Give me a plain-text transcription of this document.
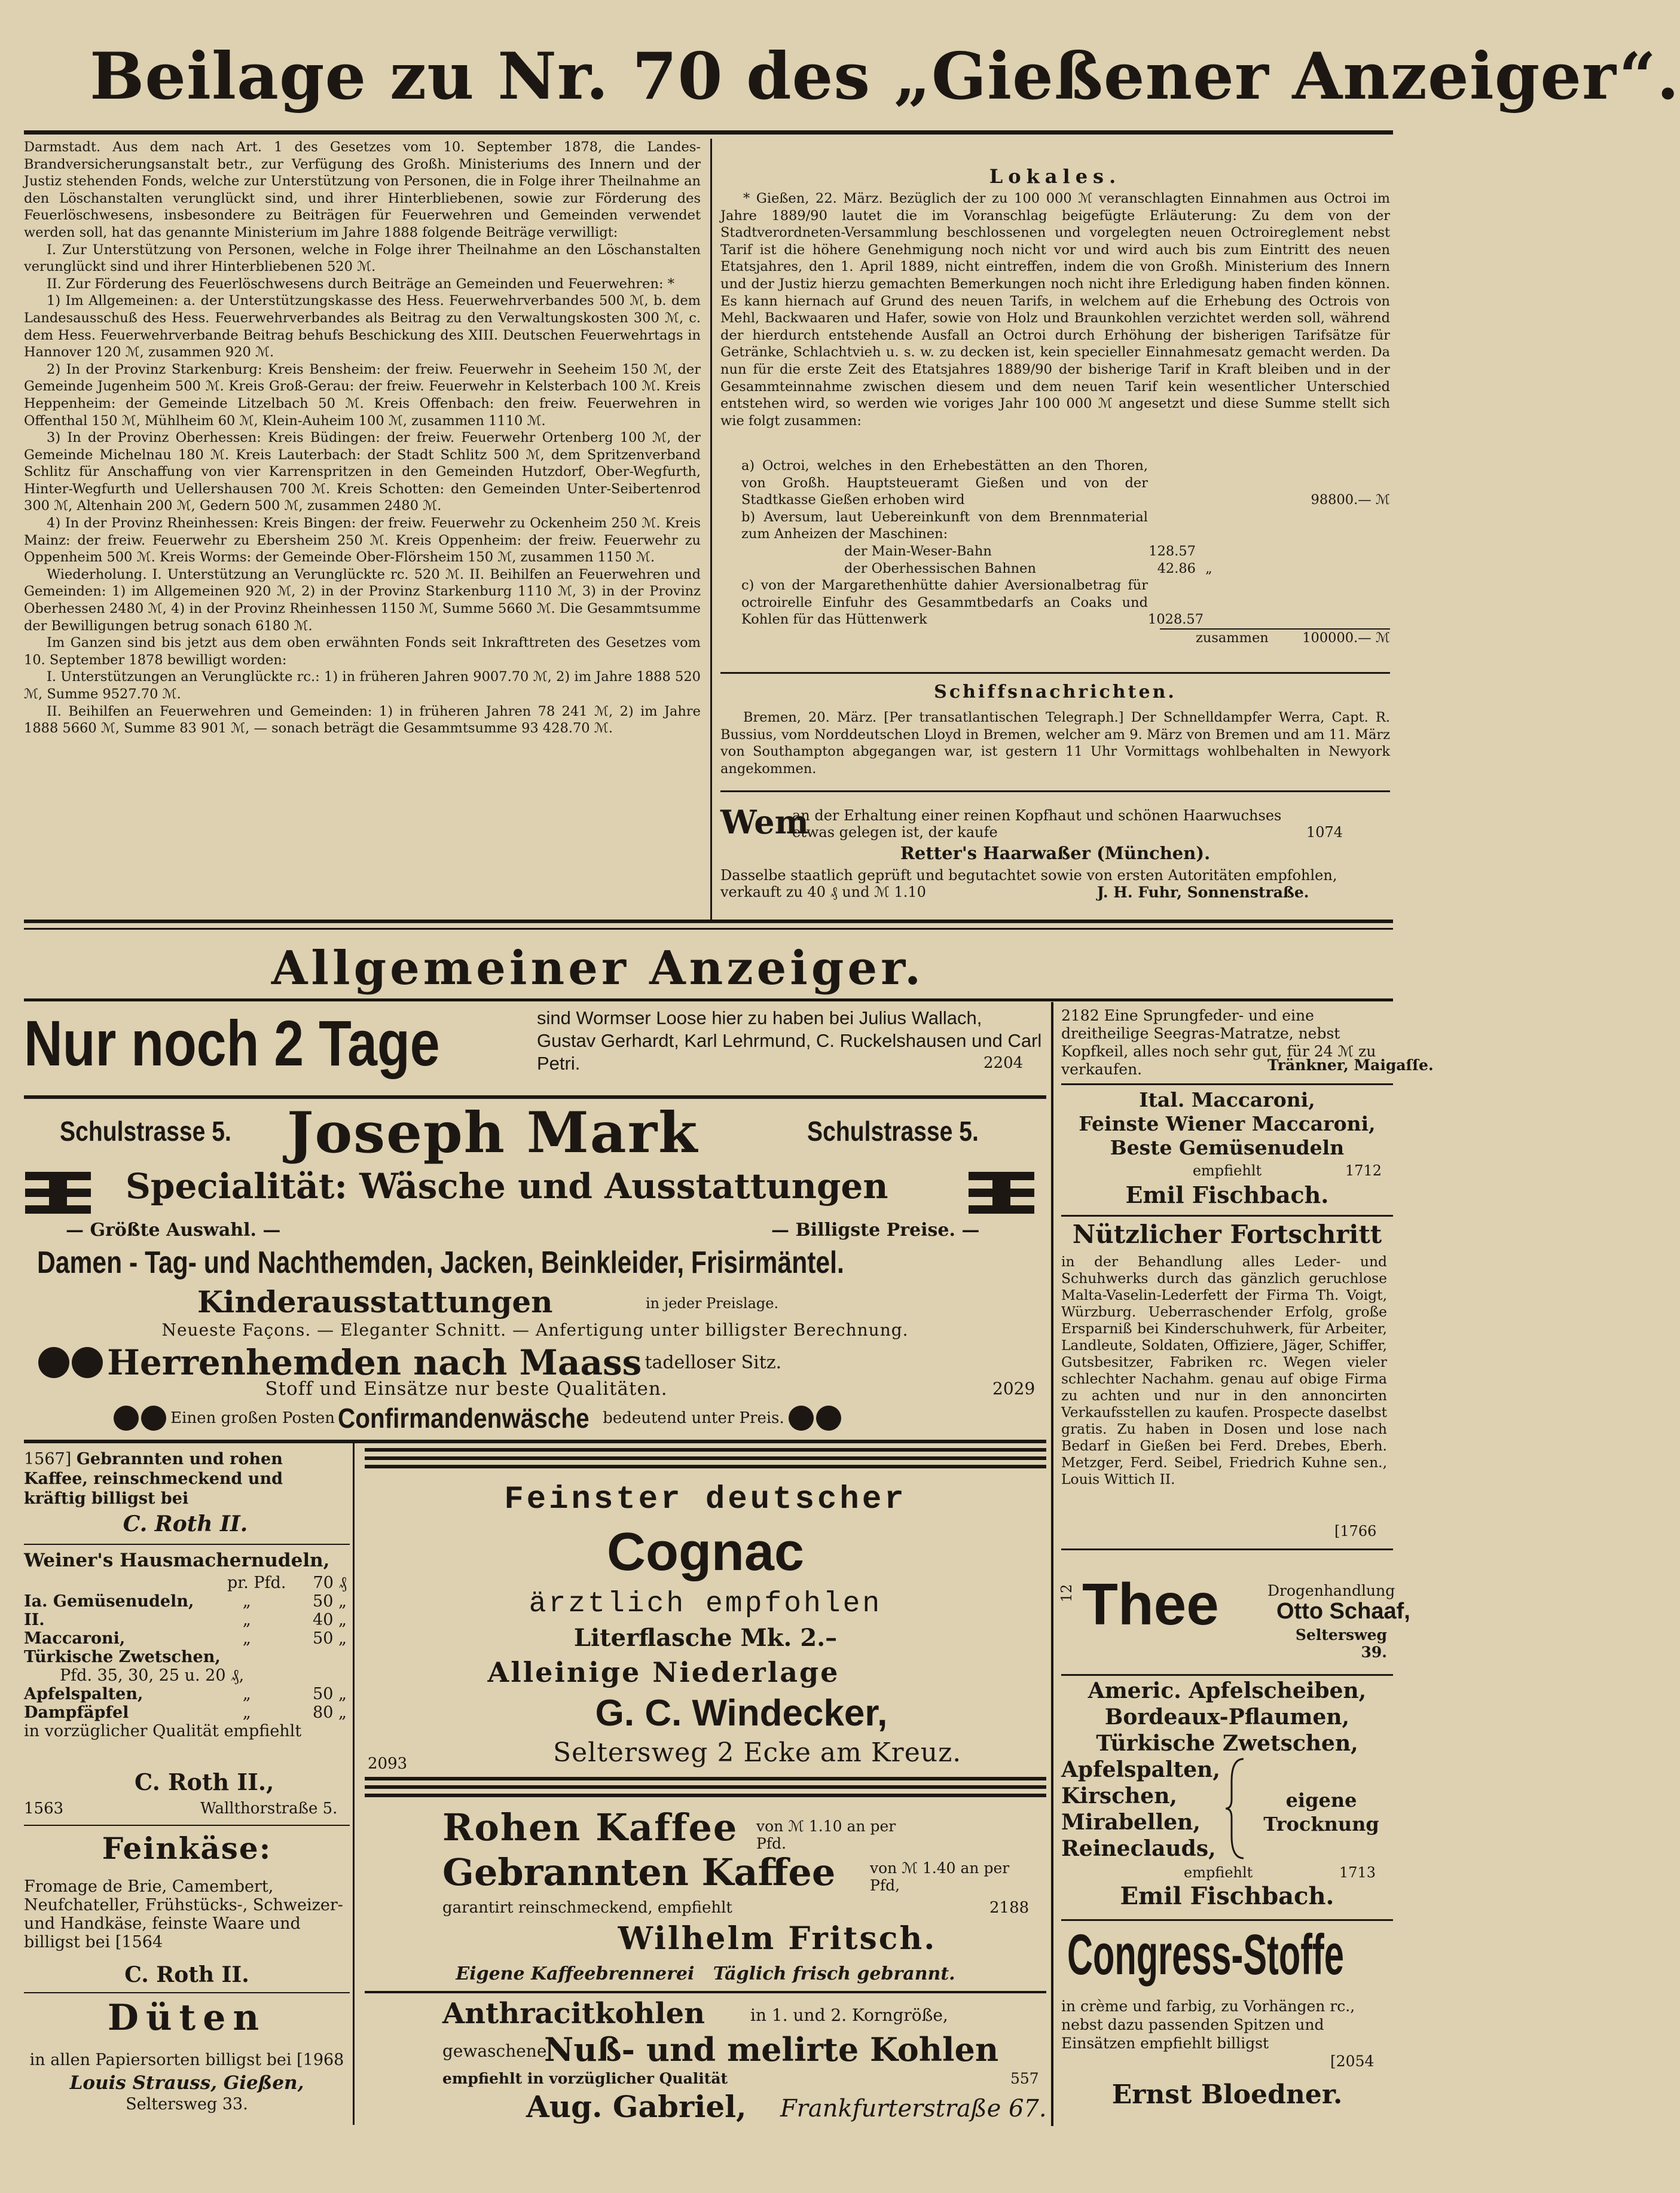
Beilage zu Nr. 70 des „Gießener Anzeiger“.

Darmstadt. Aus dem nach Art. 1 des Gesetzes vom 10. September 1878, die Landes-Brandversicherungsanstalt betr., zur Verfügung des Großh. Ministeriums des Innern und der Justiz stehenden Fonds, welche zur Unterstützung von Personen, die in Folge ihrer Theilnahme an den Löschanstalten verunglückt sind, und ihrer Hinterbliebenen, sowie zur Förderung des Feuerlöschwesens, insbesondere zu Beiträgen für Feuerwehren und Gemeinden verwendet werden soll, hat das genannte Ministerium im Jahre 1888 folgende Beiträge verwilligt:

I. Zur Unterstützung von Personen, welche in Folge ihrer Theilnahme an den Löschanstalten verunglückt sind und ihrer Hinterbliebenen 520 ℳ.

II. Zur Förderung des Feuerlöschwesens durch Beiträge an Gemeinden und Feuerwehren: *

1) Im Allgemeinen: a. der Unterstützungskasse des Hess. Feuerwehrverbandes 500 ℳ, b. dem Landesausschuß des Hess. Feuerwehrverbandes als Beitrag zu den Verwaltungskosten 300 ℳ, c. dem Hess. Feuerwehrverbande Beitrag behufs Beschickung des XIII. Deutschen Feuerwehrtags in Hannover 120 ℳ, zusammen 920 ℳ.

2) In der Provinz Starkenburg: Kreis Bensheim: der freiw. Feuerwehr in Seeheim 150 ℳ, der Gemeinde Jugenheim 500 ℳ. Kreis Groß-Gerau: der freiw. Feuerwehr in Kelsterbach 100 ℳ. Kreis Heppenheim: der Gemeinde Litzelbach 50 ℳ. Kreis Offenbach: den freiw. Feuerwehren in Offenthal 150 ℳ, Mühlheim 60 ℳ, Klein-Auheim 100 ℳ, zusammen 1110 ℳ.

3) In der Provinz Oberhessen: Kreis Büdingen: der freiw. Feuerwehr Ortenberg 100 ℳ, der Gemeinde Michelnau 180 ℳ. Kreis Lauterbach: der Stadt Schlitz 500 ℳ, dem Spritzenverband Schlitz für Anschaffung von vier Karrenspritzen in den Gemeinden Hutzdorf, Ober-Wegfurth, Hinter-Wegfurth und Uellershausen 700 ℳ. Kreis Schotten: den Gemeinden Unter-Seibertenrod 300 ℳ, Altenhain 200 ℳ, Gedern 500 ℳ, zusammen 2480 ℳ.

4) In der Provinz Rheinhessen: Kreis Bingen: der freiw. Feuerwehr zu Ockenheim 250 ℳ. Kreis Mainz: der freiw. Feuerwehr zu Ebersheim 250 ℳ. Kreis Oppenheim: der freiw. Feuerwehr zu Oppenheim 500 ℳ. Kreis Worms: der Gemeinde Ober-Flörsheim 150 ℳ, zusammen 1150 ℳ.

Wiederholung. I. Unterstützung an Verunglückte rc. 520 ℳ. II. Beihilfen an Feuerwehren und Gemeinden: 1) im Allgemeinen 920 ℳ, 2) in der Provinz Starkenburg 1110 ℳ, 3) in der Provinz Oberhessen 2480 ℳ, 4) in der Provinz Rheinhessen 1150 ℳ, Summe 5660 ℳ. Die Gesammtsumme der Bewilligungen betrug sonach 6180 ℳ.

Im Ganzen sind bis jetzt aus dem oben erwähnten Fonds seit Inkrafttreten des Gesetzes vom 10. September 1878 bewilligt worden:

I. Unterstützungen an Verunglückte rc.: 1) in früheren Jahren 9007.70 ℳ, 2) im Jahre 1888 520 ℳ, Summe 9527.70 ℳ.

II. Beihilfen an Feuerwehren und Gemeinden: 1) in früheren Jahren 78 241 ℳ, 2) im Jahre 1888 5660 ℳ, Summe 83 901 ℳ, — sonach beträgt die Gesammtsumme 93 428.70 ℳ.

Lokales.

* Gießen, 22. März. Bezüglich der zu 100 000 ℳ veranschlagten Einnahmen aus Octroi im Jahre 1889/90 lautet die im Voranschlag beigefügte Erläuterung: Zu dem von der Stadtverordneten-Versammlung beschlossenen und vorgelegten neuen Octroireglement nebst Tarif ist die höhere Genehmigung noch nicht vor und wird auch bis zum Eintritt des neuen Etatsjahres, den 1. April 1889, nicht eintreffen, indem die von Großh. Ministerium des Innern und der Justiz hierzu gemachten Bemerkungen noch nicht ihre Erledigung haben finden können. Es kann hiernach auf Grund des neuen Tarifs, in welchem auf die Erhebung des Octrois von Mehl, Backwaaren und Hafer, sowie von Holz und Braunkohlen verzichtet werden soll, während der hierdurch entstehende Ausfall an Octroi durch Erhöhung der bisherigen Tarifsätze für Getränke, Schlachtvieh u. s. w. zu decken ist, kein specieller Einnahmesatz gemacht werden. Da nun für die erste Zeit des Etatsjahres 1889/90 der bisherige Tarif in Kraft bleiben und in der Gesammteinnahme zwischen diesem und dem neuen Tarif kein wesentlicher Unterschied entstehen wird, so werden wie voriges Jahr 100 000 ℳ angesetzt und diese Summe stellt sich wie folgt zusammen:

a) Octroi, welches in den Erhebestätten an den Thoren, von Großh. Hauptsteueramt Gießen und von der Stadtkasse Gießen erhoben wird	98800.— ℳ
b) Aversum, laut Uebereinkunft von dem Brennmaterial zum Anheizen der Maschinen:
der Main-Weser-Bahn	128.57
der Oberhessischen Bahnen	42.86 „
c) von der Margarethenhütte dahier Aversionalbetrag für octroirelle Einfuhr des Gesammtbedarfs an Coaks und Kohlen für das Hüttenwerk	1028.57
zusammen	100000.— ℳ
Schiffsnachrichten.

Bremen, 20. März. [Per transatlantischen Telegraph.] Der Schnelldampfer Werra, Capt. R. Bussius, vom Norddeutschen Lloyd in Bremen, welcher am 9. März von Bremen und am 11. März von Southampton abgegangen war, ist gestern 11 Uhr Vormittags wohlbehalten in Newyork angekommen.

Wem
an der Erhaltung einer reinen Kopfhaut und schönen Haarwuchses etwas gelegen ist, der kaufe	1074
Retter's Haarwaßer (München).
Dasselbe staatlich geprüft und begutachtet sowie von ersten Autoritäten empfohlen, verkauft zu 40 ₰ und ℳ 1.10	J. H. Fuhr, Sonnenstraße.
Allgemeiner Anzeiger.
Nur noch 2 Tage	sind Wormser Loose hier zu haben bei Julius Wallach, Gustav Gerhardt, Karl Lehrmund, C. Ruckelshausen und Carl Petri.	2204
Schulstrasse 5. Joseph Mark	Schulstrasse 5.
Specialität: Wäsche und Ausstattungen
— Größte Auswahl. —	— Billigste Preise. —
Damen - Tag- und Nachthemden, Jacken, Beinkleider, Frisirmäntel.
Kinderausstattungen	in jeder Preislage.
Neueste Façons. — Eleganter Schnitt. — Anfertigung unter billigster Berechnung.
Herrenhemden nach Maass tadelloser Sitz.
Stoff und Einsätze nur beste Qualitäten.	2029
Einen großen Posten Confirmandenwäsche bedeutend unter Preis.
1567] Gebrannten und rohen Kaffee, reinschmeckend und kräftig billigst bei
C. Roth II.
Weiner's Hausmachernudeln,
pr. Pfd.	70 ₰
Ia. Gemüsenudeln,	„	50 „
II.	„	40 „
Maccaroni,	„	50 „
Türkische Zwetschen,
Pfd. 35, 30, 25 u. 20 ₰,
Apfelspalten,	„	50 „
Dampfäpfel	„	80 „
in vorzüglicher Qualität empfiehlt
C. Roth II.,
1563	Wallthorstraße 5.
Feinkäse:
Fromage de Brie, Camembert, Neufchateller, Frühstücks-, Schweizer- und Handkäse, feinste Waare und billigst bei [1564
C. Roth II.
Düten
in allen Papiersorten billigst bei [1968
Louis Strauss, Gießen,
Seltersweg 33.
Feinster deutscher
Cognac
ärztlich empfohlen
Literflasche Mk. 2.–
Alleinige Niederlage
G. C. Windecker,
2093	Seltersweg 2 Ecke am Kreuz.
Rohen Kaffee von ℳ 1.10 an per Pfd.
Gebrannten Kaffee von ℳ 1.40 an per Pfd,
garantirt reinschmeckend, empfiehlt	2188
Wilhelm Fritsch.
Eigene Kaffeebrennerei   Täglich frisch gebrannt.
Anthracitkohlen	in 1. und 2. Korngröße,
gewaschene
Nuß- und melirte Kohlen
empfiehlt in vorzüglicher Qualität	557
Aug. Gabriel, Frankfurterstraße 67.
2182 Eine Sprungfeder- und eine dreitheilige Seegras-Matratze, nebst Kopfkeil, alles noch sehr gut, für 24 ℳ zu verkaufen.	Tränkner, Maigaſſe.
Ital. Maccaroni,
Feinste Wiener Maccaroni,
Beste Gemüsenudeln
empfiehlt	1712
Emil Fischbach.
Nützlicher Fortschritt
in der Behandlung alles Leder- und Schuhwerks durch das gänzlich geruchlose Malta-Vaselin-Lederfett der Firma Th. Voigt, Würzburg. Ueberraschender Erfolg, große Ersparniß bei Kinderschuhwerk, für Arbeiter, Landleute, Soldaten, Offiziere, Jäger, Schiffer, Gutsbesitzer, Fabriken rc. Wegen vieler schlechter Nachahm. genau auf obige Firma zu achten und nur in den annoncirten Verkaufsstellen zu kaufen. Prospecte daselbst gratis. Zu haben in Dosen und lose nach Bedarf in Gießen bei Ferd. Drebes, Eberh. Metzger, Ferd. Seibel, Friedrich Kuhne sen., Louis Wittich II.
[1766
12 Thee	Drogenhandlung
Otto Schaaf,
Seltersweg 39.
Americ. Apfelscheiben,
Bordeaux-Pflaumen,
Türkische Zwetschen,
Apfelspalten,
Kirschen,
Mirabellen,
Reineclauds,
eigene
Trocknung
empfiehlt	1713
Emil Fischbach.
Congress-Stoffe
in crème und farbig, zu Vorhängen rc., nebst dazu passenden Spitzen und Einsätzen empfiehlt billigst
[2054
Ernst Bloedner.
